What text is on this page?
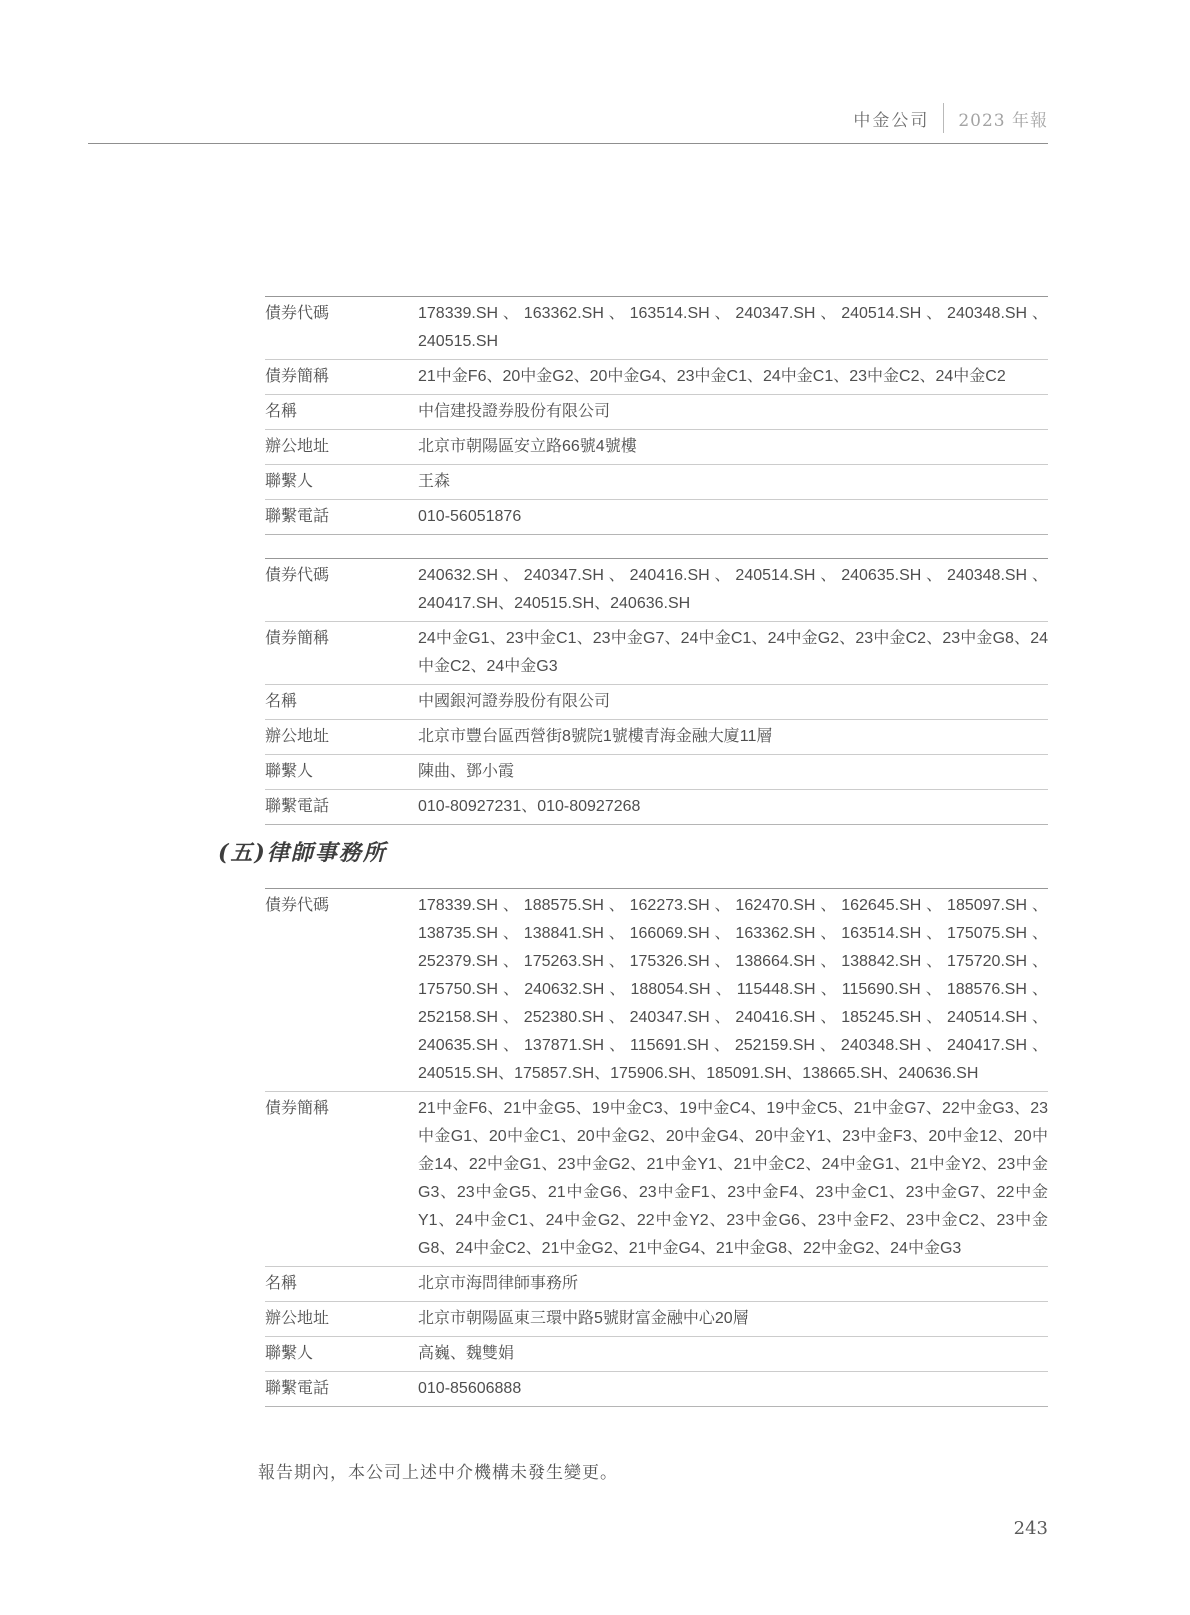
中金公司 2023 年報
債券代碼	178339.SH、163362.SH、163514.SH、240347.SH、240514.SH、240348.SH、240515.SH
債券簡稱	21中金F6、20中金G2、20中金G4、23中金C1、24中金C1、23中金C2、24中金C2
名稱	中信建投證券股份有限公司
辦公地址	北京市朝陽區安立路66號4號樓
聯繫人	王森
聯繫電話	010-56051876
債券代碼	240632.SH、240347.SH、240416.SH、240514.SH、240635.SH、240348.SH、240417.SH、240515.SH、240636.SH
債券簡稱	24中金G1、23中金C1、23中金G7、24中金C1、24中金G2、23中金C2、23中金G8、24中金C2、24中金G3
名稱	中國銀河證券股份有限公司
辦公地址	北京市豐台區西營街8號院1號樓青海金融大廈11層
聯繫人	陳曲、鄧小霞
聯繫電話	010-80927231、010-80927268
(五)律師事務所
債券代碼	178339.SH、188575.SH、162273.SH、162470.SH、162645.SH、185097.SH、138735.SH、138841.SH、166069.SH、163362.SH、163514.SH、175075.SH、252379.SH、175263.SH、175326.SH、138664.SH、138842.SH、175720.SH、175750.SH、240632.SH、188054.SH、115448.SH、115690.SH、188576.SH、252158.SH、252380.SH、240347.SH、240416.SH、185245.SH、240514.SH、240635.SH、137871.SH、115691.SH、252159.SH、240348.SH、240417.SH、240515.SH、175857.SH、175906.SH、185091.SH、138665.SH、240636.SH
債券簡稱	21中金F6、21中金G5、19中金C3、19中金C4、19中金C5、21中金G7、22中金G3、23中金G1、20中金C1、20中金G2、20中金G4、20中金Y1、23中金F3、20中金12、20中金14、22中金G1、23中金G2、21中金Y1、21中金C2、24中金G1、21中金Y2、23中金G3、23中金G5、21中金G6、23中金F1、23中金F4、23中金C1、23中金G7、22中金Y1、24中金C1、24中金G2、22中金Y2、23中金G6、23中金F2、23中金C2、23中金G8、24中金C2、21中金G2、21中金G4、21中金G8、22中金G2、24中金G3
名稱	北京市海問律師事務所
辦公地址	北京市朝陽區東三環中路5號財富金融中心20層
聯繫人	高巍、魏雙娟
聯繫電話	010-85606888
報告期內，本公司上述中介機構未發生變更。
243
